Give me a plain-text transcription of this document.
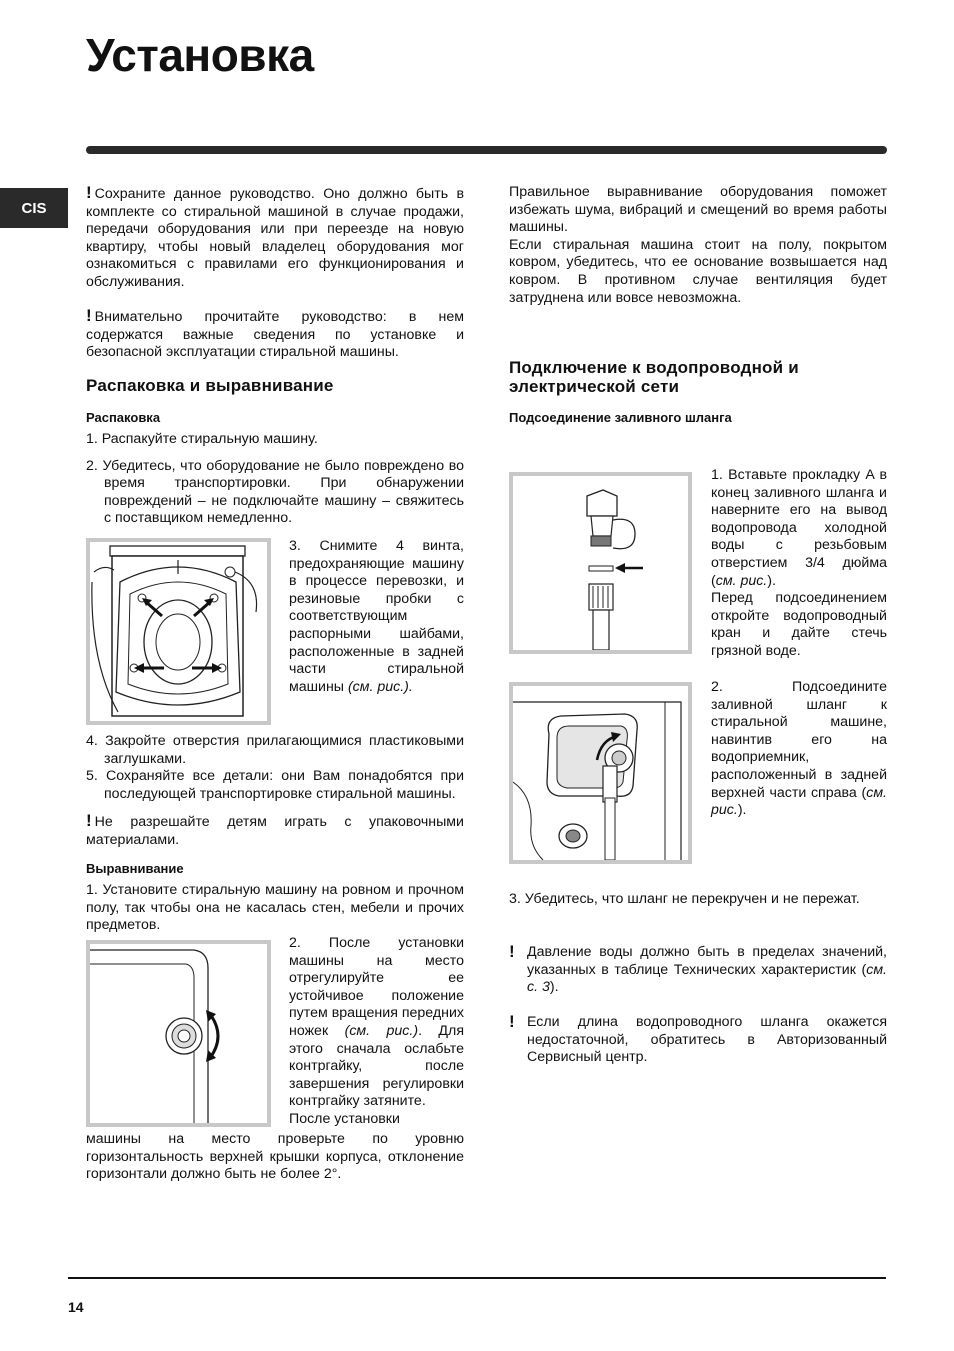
Установка
CIS

! Сохраните данное руководство. Оно должно быть в комплекте со стиральной машиной в случае продажи, передачи оборудования или при переезде на новую квартиру, чтобы новый владелец оборудования мог ознакомиться с правилами его функционирования и обслуживания.

! Внимательно прочитайте руководство: в нем содержатся важные сведения по установке и безопасной эксплуатации стиральной машины.

Распаковка и выравнивание
Распаковка
1. Распакуйте стиральную машину.
2. Убедитесь, что оборудование не было повреждено во время транспортировки. При обнаружении повреждений – не подключайте машину – свяжитесь с поставщиком немедленно.

3. Снимите 4 винта, предохраняющие машину в процессе перевозки, и резиновые пробки с соответствующим распорными шайбами, расположенные в задней части стиральной машины (см. рис.).

4. Закройте отверстия прилагающимися пластиковыми заглушками.
5. Сохраняйте все детали: они Вам понадобятся при последующей транспортировке стиральной машины.

! Не разрешайте детям играть с упаковочными материалами.

Выравнивание

1. Установите стиральную машину на ровном и прочном полу, так чтобы она не касалась стен, мебели и прочих предметов.

2. После установки машины на место отрегулируйте ее устойчивое положение путем вращения передних ножек (см. рис.). Для этого сначала ослабьте контргайку, после завершения регулировки контргайку затяните.

После установки

машины на место проверьте по уровню горизонтальность верхней крышки корпуса, отклонение горизонтали должно быть не более 2°.

Правильное выравнивание оборудования поможет избежать шума, вибраций и смещений во время работы машины.
Если стиральная машина стоит на полу, покрытом ковром, убедитесь, что ее основание возвышается над ковром. В противном случае вентиляция будет затруднена или вовсе невозможна.

Подключение к водопроводной и электрической сети
Подсоединение заливного шланга

1. Вставьте прокладку A в конец заливного шланга и наверните его на вывод водопровода холодной воды с резьбовым отверстием 3/4 дюйма (см. рис.).
Перед подсоединением откройте водопроводный кран и дайте стечь грязной воде.

2. Подсоедините заливной шланг к стиральной машине, навинтив его на водоприемник, расположенный в задней верхней части справа (см. рис.).

3. Убедитесь, что шланг не перекручен и не пережат.

! Давление воды должно быть в пределах значений, указанных в таблице Технических характеристик (см. с. 3).

! Если длина водопроводного шланга окажется недостаточной, обратитесь в Авторизованный Сервисный центр.

14
